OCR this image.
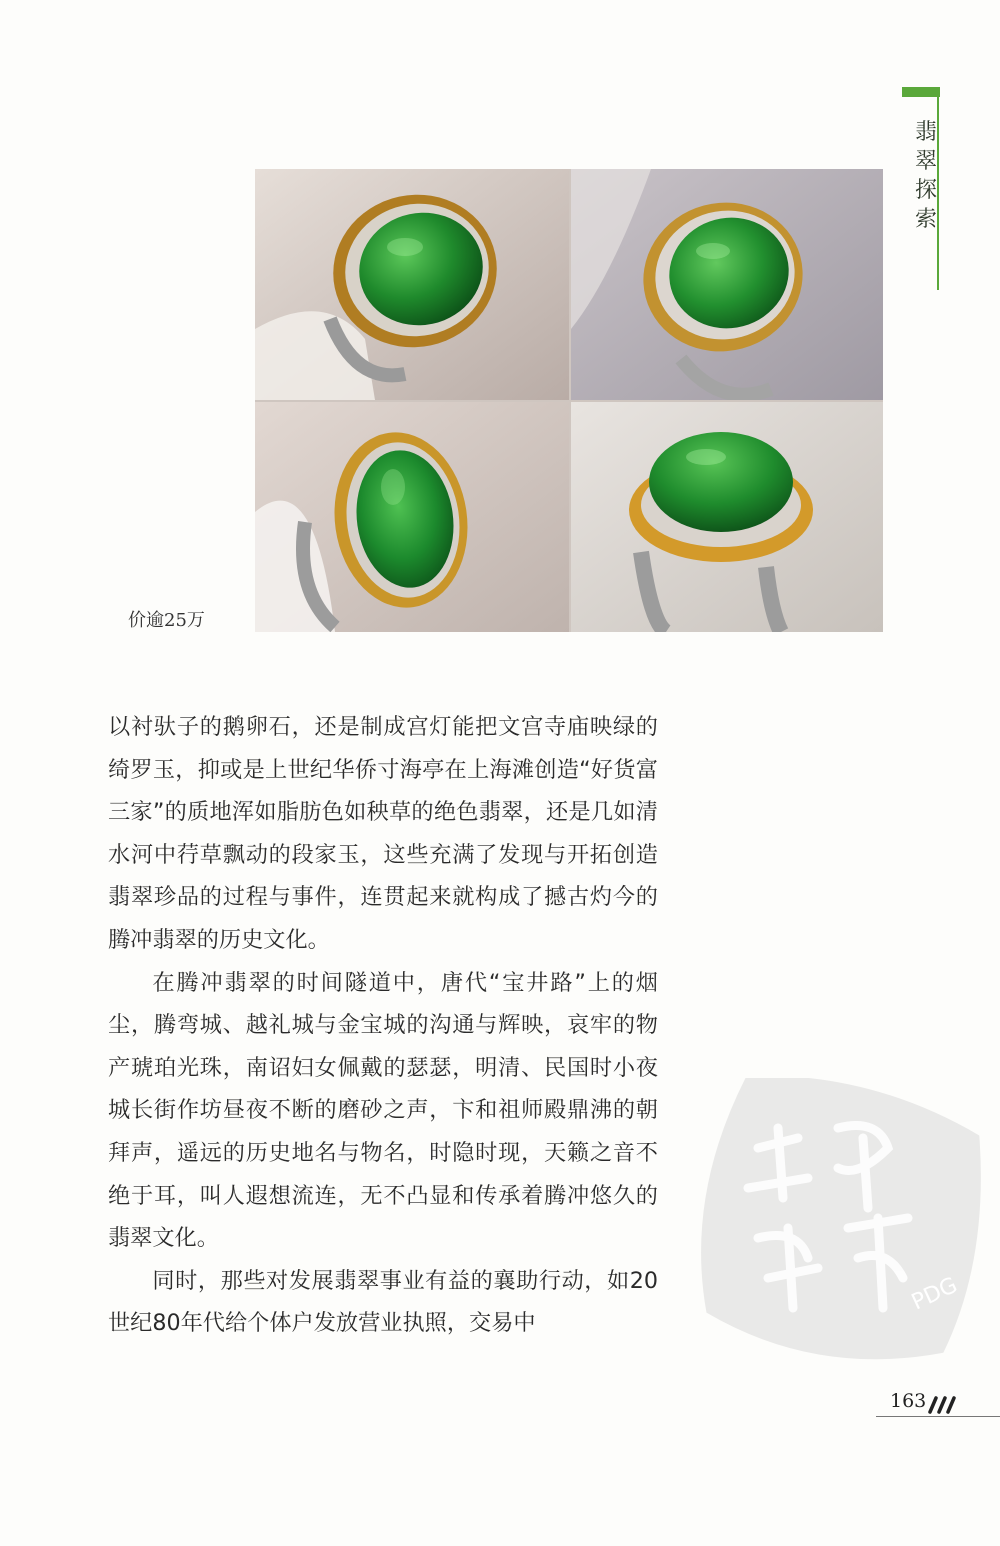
翡翠探索
价逾25万

以衬驮子的鹅卵石，还是制成宫灯能把文宫寺庙映绿的绮罗玉，抑或是上世纪华侨寸海亭在上海滩创造“好货富三家”的质地浑如脂肪色如秧草的绝色翡翠，还是几如清水河中荇草飘动的段家玉，这些充满了发现与开拓创造翡翠珍品的过程与事件，连贯起来就构成了撼古灼今的腾冲翡翠的历史文化。

在腾冲翡翠的时间隧道中，唐代“宝井路”上的烟尘，腾弯城、越礼城与金宝城的沟通与辉映，哀牢的物产琥珀光珠，南诏妇女佩戴的瑟瑟，明清、民国时小夜城长街作坊昼夜不断的磨砂之声，卞和祖师殿鼎沸的朝拜声，遥远的历史地名与物名，时隐时现，天籁之音不绝于耳，叫人遐想流连，无不凸显和传承着腾冲悠久的翡翠文化。

同时，那些对发展翡翠事业有益的襄助行动，如20世纪80年代给个体户发放营业执照，交易中

PDG
163
